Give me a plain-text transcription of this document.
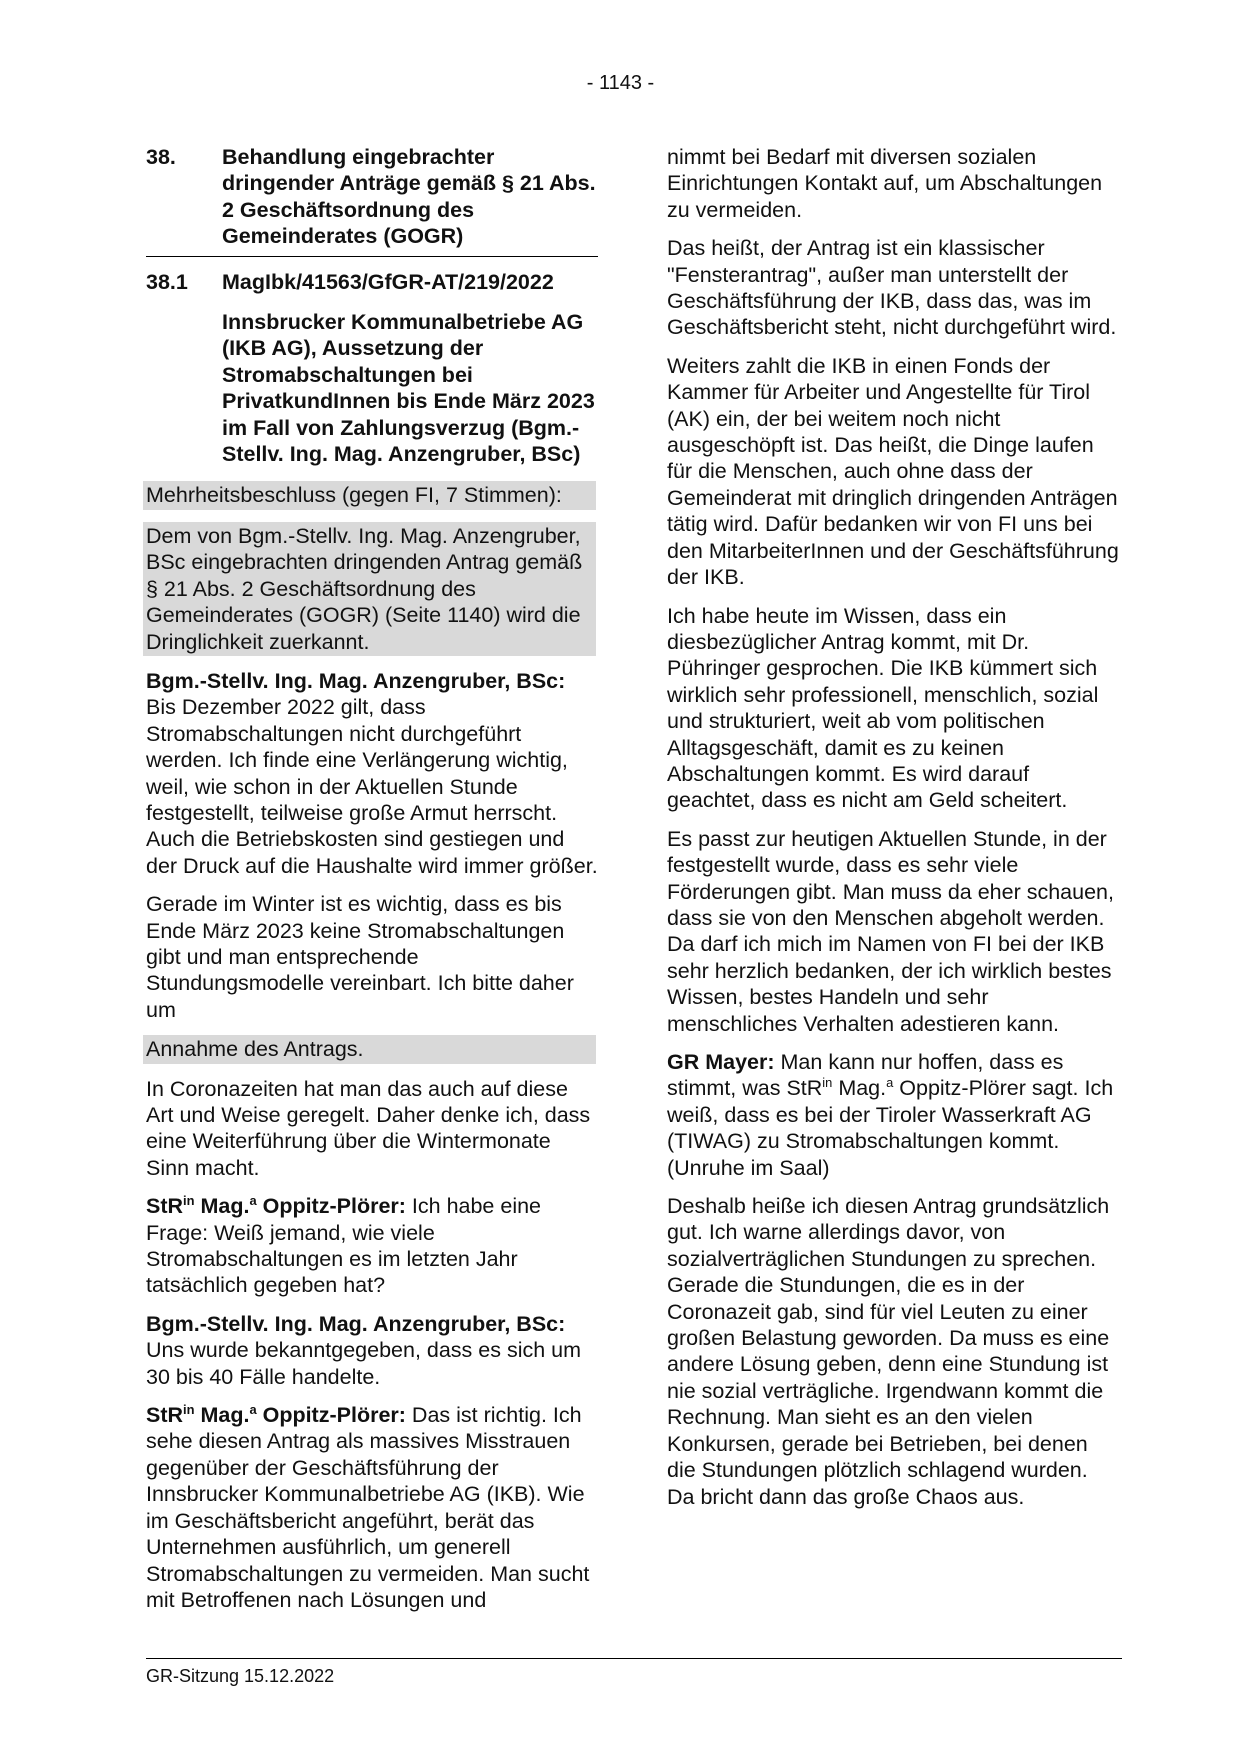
- 1143 -
38.	Behandlung eingebrachter dringender Anträge gemäß § 21 Abs. 2 Geschäftsordnung des Gemeinderates (GOGR)
38.1	MagIbk/41563/GfGR-AT/219/2022
Innsbrucker Kommunalbetriebe AG (IKB AG), Aussetzung der Stromabschaltungen bei PrivatkundInnen bis Ende März 2023 im Fall von Zahlungsverzug (Bgm.-Stellv. Ing. Mag. Anzengruber, BSc)
Mehrheitsbeschluss (gegen FI, 7 Stimmen):
Dem von Bgm.-Stellv. Ing. Mag. Anzengruber, BSc eingebrachten dringenden Antrag gemäß § 21 Abs. 2 Geschäftsordnung des Gemeinderates (GOGR) (Seite 1140) wird die Dringlichkeit zuerkannt.

Bgm.-Stellv. Ing. Mag. Anzengruber, BSc: Bis Dezember 2022 gilt, dass Stromabschaltungen nicht durchgeführt werden. Ich finde eine Verlängerung wichtig, weil, wie schon in der Aktuellen Stunde festgestellt, teilweise große Armut herrscht. Auch die Betriebskosten sind gestiegen und der Druck auf die Haushalte wird immer größer.

Gerade im Winter ist es wichtig, dass es bis Ende März 2023 keine Stromabschaltungen gibt und man entsprechende Stundungsmodelle vereinbart. Ich bitte daher um

Annahme des Antrags.

In Coronazeiten hat man das auch auf diese Art und Weise geregelt. Daher denke ich, dass eine Weiterführung über die Wintermonate Sinn macht.

StR$^{in}$ Mag.$^a$ Oppitz-Plörer: Ich habe eine Frage: Weiß jemand, wie viele Stromabschaltungen es im letzten Jahr tatsächlich gegeben hat?

Bgm.-Stellv. Ing. Mag. Anzengruber, BSc: Uns wurde bekanntgegeben, dass es sich um 30 bis 40 Fälle handelte.

StR$^{in}$ Mag.$^a$ Oppitz-Plörer: Das ist richtig. Ich sehe diesen Antrag als massives Misstrauen gegenüber der Geschäftsführung der Innsbrucker Kommunalbetriebe AG (IKB). Wie im Geschäftsbericht angeführt, berät das Unternehmen ausführlich, um generell Stromabschaltungen zu vermeiden. Man sucht mit Betroffenen nach Lösungen und

nimmt bei Bedarf mit diversen sozialen Einrichtungen Kontakt auf, um Abschaltungen zu vermeiden.

Das heißt, der Antrag ist ein klassischer "Fensterantrag", außer man unterstellt der Geschäftsführung der IKB, dass das, was im Geschäftsbericht steht, nicht durchgeführt wird.

Weiters zahlt die IKB in einen Fonds der Kammer für Arbeiter und Angestellte für Tirol (AK) ein, der bei weitem noch nicht ausgeschöpft ist. Das heißt, die Dinge laufen für die Menschen, auch ohne dass der Gemeinderat mit dringlich dringenden Anträgen tätig wird. Dafür bedanken wir von FI uns bei den MitarbeiterInnen und der Geschäftsführung der IKB.

Ich habe heute im Wissen, dass ein diesbezüglicher Antrag kommt, mit Dr. Pühringer gesprochen. Die IKB kümmert sich wirklich sehr professionell, menschlich, sozial und strukturiert, weit ab vom politischen Alltagsgeschäft, damit es zu keinen Abschaltungen kommt. Es wird darauf geachtet, dass es nicht am Geld scheitert.

Es passt zur heutigen Aktuellen Stunde, in der festgestellt wurde, dass es sehr viele Förderungen gibt. Man muss da eher schauen, dass sie von den Menschen abgeholt werden. Da darf ich mich im Namen von FI bei der IKB sehr herzlich bedanken, der ich wirklich bestes Wissen, bestes Handeln und sehr menschliches Verhalten adestieren kann.

GR Mayer: Man kann nur hoffen, dass es stimmt, was StR$^{in}$ Mag.$^a$ Oppitz-Plörer sagt. Ich weiß, dass es bei der Tiroler Wasserkraft AG (TIWAG) zu Stromabschaltungen kommt. (Unruhe im Saal)

Deshalb heiße ich diesen Antrag grundsätzlich gut. Ich warne allerdings davor, von sozialverträglichen Stundungen zu sprechen. Gerade die Stundungen, die es in der Coronazeit gab, sind für viel Leuten zu einer großen Belastung geworden. Da muss es eine andere Lösung geben, denn eine Stundung ist nie sozial verträgliche. Irgendwann kommt die Rechnung. Man sieht es an den vielen Konkursen, gerade bei Betrieben, bei denen die Stundungen plötzlich schlagend wurden. Da bricht dann das große Chaos aus.

GR-Sitzung 15.12.2022
